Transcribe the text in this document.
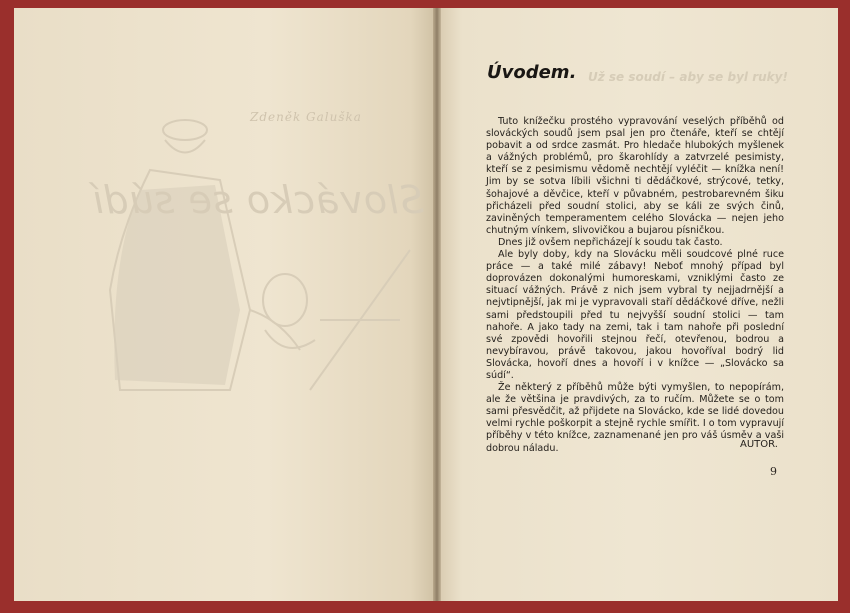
Zdeněk Galuška
Slovácko se súdí
Už se soudí – aby se byl ruky!
Úvodem.

Tuto knížečku prostého vypravování veselých příběhů od slováckých soudů jsem psal jen pro čtenáře, kteří se chtějí pobavit a od srdce zasmát. Pro hledače hlubokých myšlenek a vážných problémů, pro škarohlídy a zatvrzelé pesimisty, kteří se z pesimismu vědomě nechtějí vyléčit — knížka není! Jim by se sotva líbili všichni ti dědáčkové, strýcové, tetky, šohajové a děvčice, kteří v půvabném, pestrobarevném šiku přicházeli před soudní stolici, aby se káli ze svých činů, zaviněných temperamentem celého Slovácka — nejen jeho chutným vínkem, slivovičkou a bujarou písničkou.

Dnes již ovšem nepřicházejí k soudu tak často.

Ale byly doby, kdy na Slovácku měli soudcové plné ruce práce — a také milé zábavy! Neboť mnohý případ byl doprovázen dokonalými humoreskami, vzniklými často ze situací vážných. Právě z nich jsem vybral ty nejjadrnější a nejvtipnější, jak mi je vypravovali staří dědáčkové dříve, nežli sami předstoupili před tu nejvyšší soudní stolici — tam nahoře. A jako tady na zemi, tak i tam nahoře při poslední své zpovědi hovořili stejnou řečí, otevřenou, bodrou a nevybíravou, právě takovou, jakou hovoříval bodrý lid Slovácka, hovoří dnes a hovoří i v knížce — „Slovácko sa súdí“.

Že některý z příběhů může býti vymyšlen, to nepopírám, ale že většina je pravdivých, za to ručím. Můžete se o tom sami přesvědčit, až přijdete na Slovácko, kde se lidé dovedou velmi rychle poškorpit a stejně rychle smířit. I o tom vypravují příběhy v této knížce, zaznamenané jen pro váš úsměv a vaši dobrou náladu.	AUTOR.
9
